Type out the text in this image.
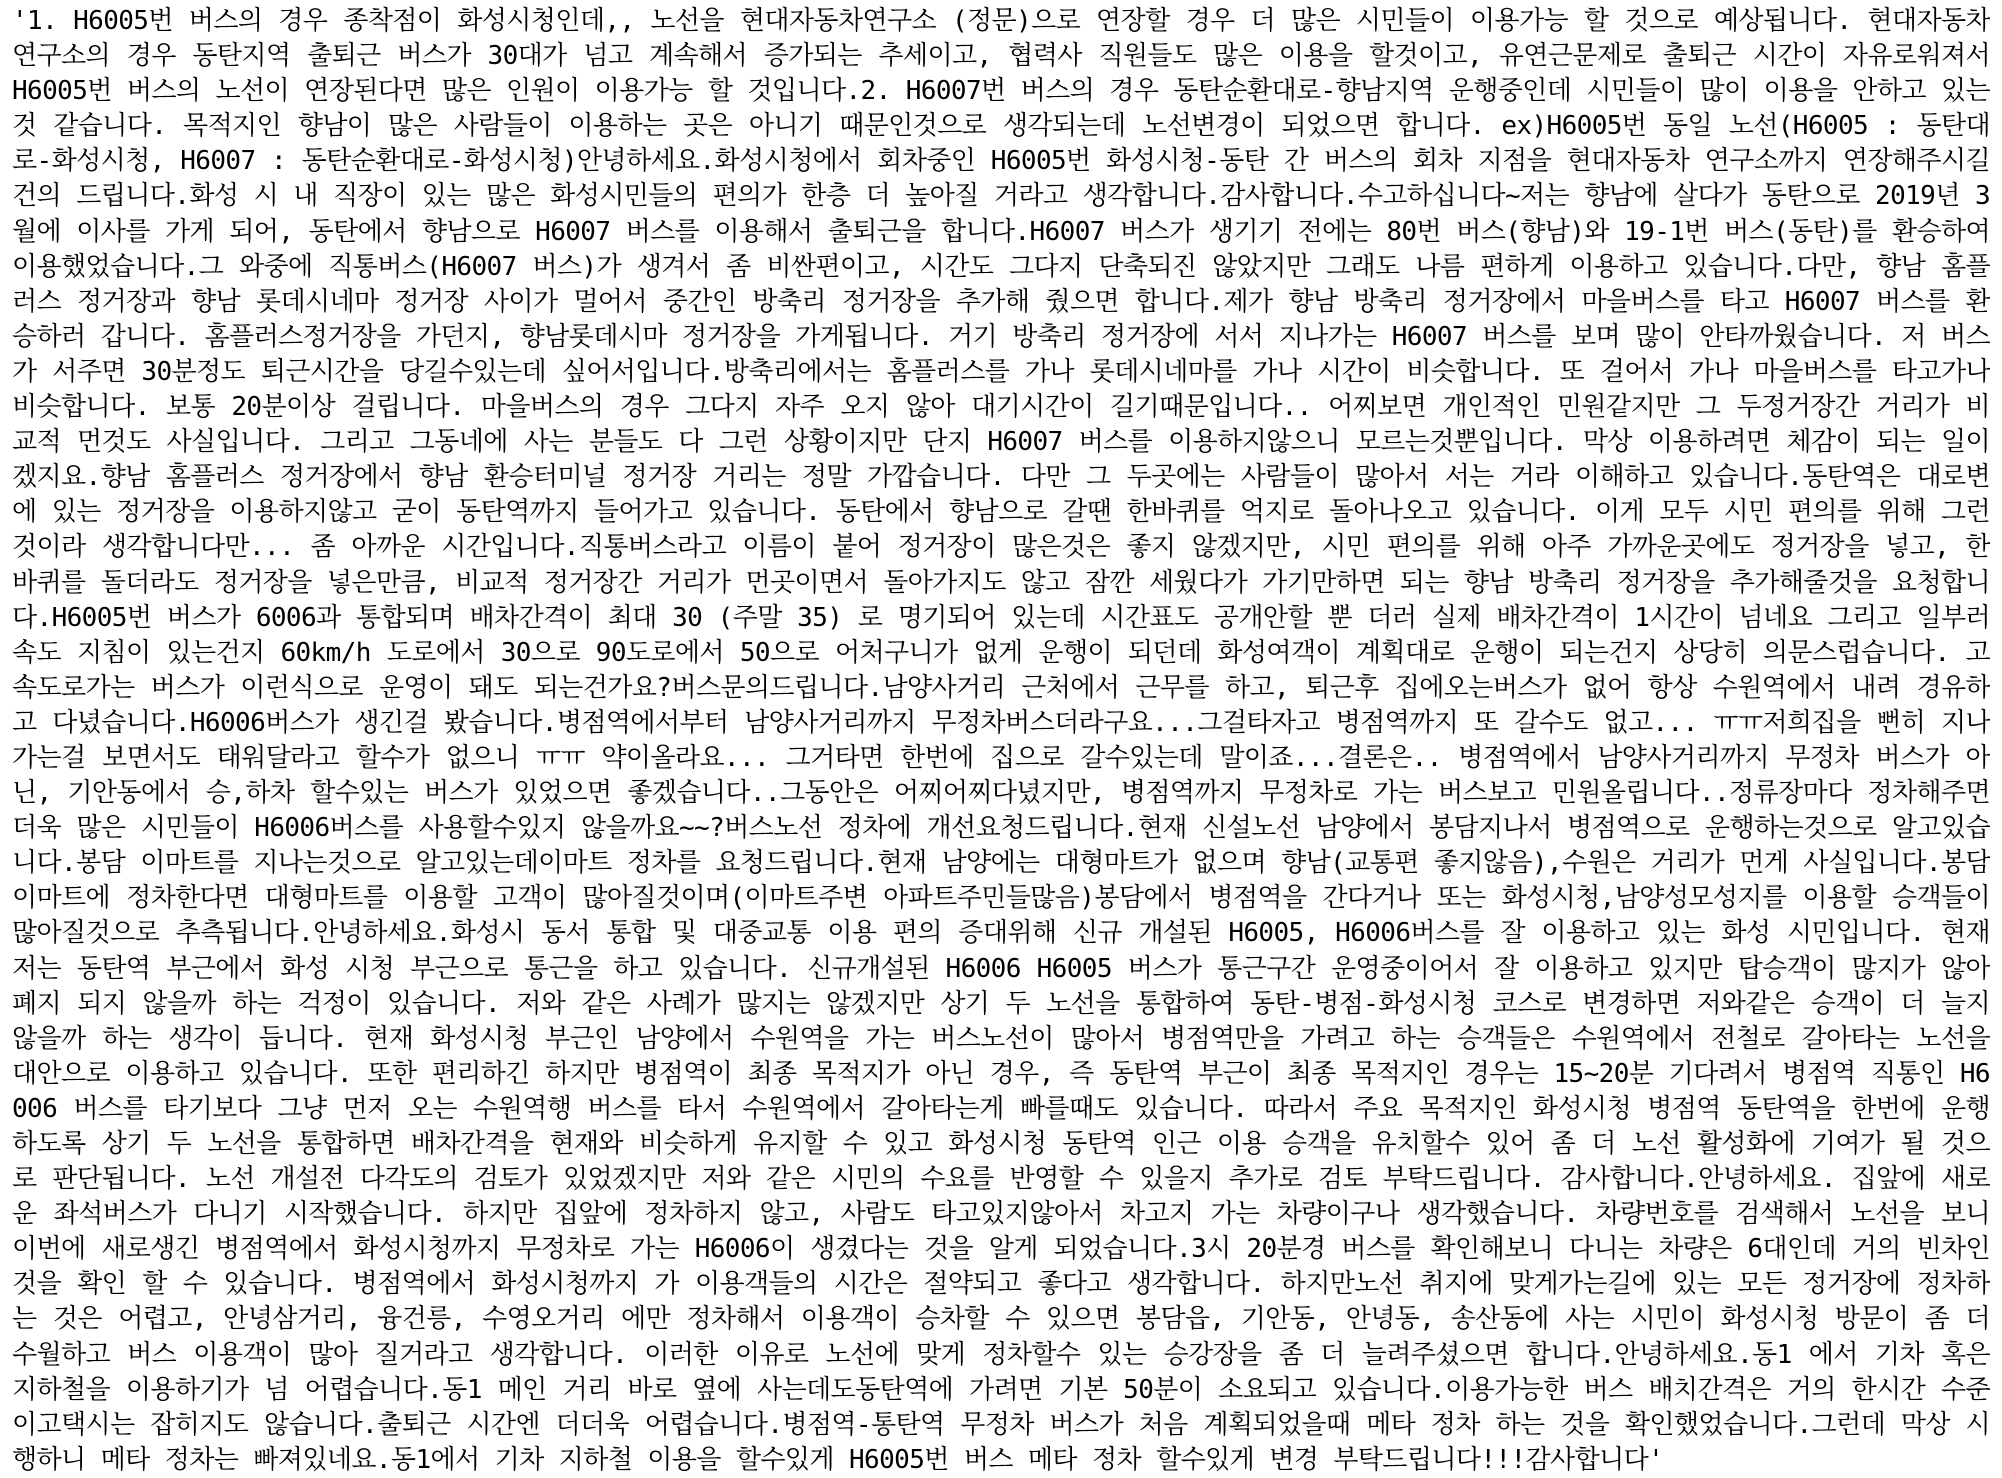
'1. H6005번 버스의 경우 종착점이 화성시청인데,, 노선을 현대자동차연구소 (정문)으로 연장할 경우 더 많은 시민들이 이용가능 할 것으로 예상됩니다. 현대자동차 연구소의 경우 동탄지역 출퇴근 버스가 30대가 넘고 계속해서 증가되는 추세이고, 협력사 직원들도 많은 이용을 할것이고, 유연근문제로 출퇴근 시간이 자유로워져서 H6005번 버스의 노선이 연장된다면 많은 인원이 이용가능 할 것입니다.2. H6007번 버스의 경우 동탄순환대로-향남지역 운행중인데 시민들이 많이 이용을 안하고 있는 것 같습니다. 목적지인 향남이 많은 사람들이 이용하는 곳은 아니기 때문인것으로 생각되는데 노선변경이 되었으면 합니다. ex)H6005번 동일 노선(H6005 : 동탄대로-화성시청, H6007 : 동탄순환대로-화성시청)안녕하세요.화성시청에서 회차중인 H6005번 화성시청-동탄 간 버스의 회차 지점을 현대자동차 연구소까지 연장해주시길 건의 드립니다.화성 시 내 직장이 있는 많은 화성시민들의 편의가 한층 더 높아질 거라고 생각합니다.감사합니다.수고하십니다~저는 향남에 살다가 동탄으로 2019년 3월에 이사를 가게 되어, 동탄에서 향남으로 H6007 버스를 이용해서 출퇴근을 합니다.H6007 버스가 생기기 전에는 80번 버스(향남)와 19-1번 버스(동탄)를 환승하여 이용했었습니다.그 와중에 직통버스(H6007 버스)가 생겨서 좀 비싼편이고, 시간도 그다지 단축되진 않았지만 그래도 나름 편하게 이용하고 있습니다.다만, 향남 홈플러스 정거장과 향남 롯데시네마 정거장 사이가 멀어서 중간인 방축리 정거장을 추가해 줬으면 합니다.제가 향남 방축리 정거장에서 마을버스를 타고 H6007 버스를 환승하러 갑니다. 홈플러스정거장을 가던지, 향남롯데시마 정거장을 가게됩니다. 거기 방축리 정거장에 서서 지나가는 H6007 버스를 보며 많이 안타까웠습니다. 저 버스가 서주면 30분정도 퇴근시간을 당길수있는데 싶어서입니다.방축리에서는 홈플러스를 가나 롯데시네마를 가나 시간이 비슷합니다. 또 걸어서 가나 마을버스를 타고가나 비슷합니다. 보통 20분이상 걸립니다. 마을버스의 경우 그다지 자주 오지 않아 대기시간이 길기때문입니다.. 어찌보면 개인적인 민원같지만 그 두정거장간 거리가 비교적 먼것도 사실입니다. 그리고 그동네에 사는 분들도 다 그런 상황이지만 단지 H6007 버스를 이용하지않으니 모르는것뿐입니다. 막상 이용하려면 체감이 되는 일이겠지요.향남 홈플러스 정거장에서 향남 환승터미널 정거장 거리는 정말 가깝습니다. 다만 그 두곳에는 사람들이 많아서 서는 거라 이해하고 있습니다.동탄역은 대로변에 있는 정거장을 이용하지않고 굳이 동탄역까지 들어가고 있습니다. 동탄에서 향남으로 갈땐 한바퀴를 억지로 돌아나오고 있습니다. 이게 모두 시민 편의를 위해 그런것이라 생각합니다만... 좀 아까운 시간입니다.직통버스라고 이름이 붙어 정거장이 많은것은 좋지 않겠지만, 시민 편의를 위해 아주 가까운곳에도 정거장을 넣고, 한바퀴를 돌더라도 정거장을 넣은만큼, 비교적 정거장간 거리가 먼곳이면서 돌아가지도 않고 잠깐 세웠다가 가기만하면 되는 향남 방축리 정거장을 추가해줄것을 요청합니다.H6005번 버스가 6006과 통합되며 배차간격이 최대 30 (주말 35) 로 명기되어 있는데 시간표도 공개안할 뿐 더러 실제 배차간격이 1시간이 넘네요 그리고 일부러 속도 지침이 있는건지 60km/h 도로에서 30으로 90도로에서 50으로 어처구니가 없게 운행이 되던데 화성여객이 계획대로 운행이 되는건지 상당히 의문스럽습니다. 고속도로가는 버스가 이런식으로 운영이 돼도 되는건가요?버스문의드립니다.남양사거리 근처에서 근무를 하고, 퇴근후 집에오는버스가 없어 항상 수원역에서 내려 경유하고 다녔습니다.H6006버스가 생긴걸 봤습니다.병점역에서부터 남양사거리까지 무정차버스더라구요...그걸타자고 병점역까지 또 갈수도 없고... ㅠㅠ저희집을 뻔히 지나가는걸 보면서도 태워달라고 할수가 없으니 ㅠㅠ 약이올라요... 그거타면 한번에 집으로 갈수있는데 말이죠...결론은.. 병점역에서 남양사거리까지 무정차 버스가 아닌, 기안동에서 승,하차 할수있는 버스가 있었으면 좋겠습니다..그동안은 어찌어찌다녔지만, 병점역까지 무정차로 가는 버스보고 민원올립니다..정류장마다 정차해주면 더욱 많은 시민들이 H6006버스를 사용할수있지 않을까요~~?버스노선 정차에 개선요청드립니다.현재 신설노선 남양에서 봉담지나서 병점역으로 운행하는것으로 알고있습니다.봉담 이마트를 지나는것으로 알고있는데이마트 정차를 요청드립니다.현재 남양에는 대형마트가 없으며 향남(교통편 좋지않음),수원은 거리가 먼게 사실입니다.봉담이마트에 정차한다면 대형마트를 이용할 고객이 많아질것이며(이마트주변 아파트주민들많음)봉담에서 병점역을 간다거나 또는 화성시청,남양성모성지를 이용할 승객들이 많아질것으로 추측됩니다.안녕하세요.화성시 동서 통합 및 대중교통 이용 편의 증대위해 신규 개설된 H6005, H6006버스를 잘 이용하고 있는 화성 시민입니다. 현재 저는 동탄역 부근에서 화성 시청 부근으로 통근을 하고 있습니다. 신규개설된 H6006 H6005 버스가 통근구간 운영중이어서 잘 이용하고 있지만 탑승객이 많지가 않아 폐지 되지 않을까 하는 걱정이 있습니다. 저와 같은 사례가 많지는 않겠지만 상기 두 노선을 통합하여 동탄-병점-화성시청 코스로 변경하면 저와같은 승객이 더 늘지 않을까 하는 생각이 듭니다. 현재 화성시청 부근인 남양에서 수원역을 가는 버스노선이 많아서 병점역만을 가려고 하는 승객들은 수원역에서 전철로 갈아타는 노선을 대안으로 이용하고 있습니다. 또한 편리하긴 하지만 병점역이 최종 목적지가 아닌 경우, 즉 동탄역 부근이 최종 목적지인 경우는 15~20분 기다려서 병점역 직통인 H6006 버스를 타기보다 그냥 먼저 오는 수원역행 버스를 타서 수원역에서 갈아타는게 빠를때도 있습니다. 따라서 주요 목적지인 화성시청 병점역 동탄역을 한번에 운행하도록 상기 두 노선을 통합하면 배차간격을 현재와 비슷하게 유지할 수 있고 화성시청 동탄역 인근 이용 승객을 유치할수 있어 좀 더 노선 활성화에 기여가 될 것으로 판단됩니다. 노선 개설전 다각도의 검토가 있었겠지만 저와 같은 시민의 수요를 반영할 수 있을지 추가로 검토 부탁드립니다. 감사합니다.안녕하세요. 집앞에 새로운 좌석버스가 다니기 시작했습니다. 하지만 집앞에 정차하지 않고, 사람도 타고있지않아서 차고지 가는 차량이구나 생각했습니다. 차량번호를 검색해서 노선을 보니 이번에 새로생긴 병점역에서 화성시청까지 무정차로 가는 H6006이 생겼다는 것을 알게 되었습니다.3시 20분경 버스를 확인해보니 다니는 차량은 6대인데 거의 빈차인것을 확인 할 수 있습니다. 병점역에서 화성시청까지 가 이용객들의 시간은 절약되고 좋다고 생각합니다. 하지만노선 취지에 맞게가는길에 있는 모든 정거장에 정차하는 것은 어렵고, 안녕삼거리, 융건릉, 수영오거리 에만 정차해서 이용객이 승차할 수 있으면 봉담읍, 기안동, 안녕동, 송산동에 사는 시민이 화성시청 방문이 좀 더 수월하고 버스 이용객이 많아 질거라고 생각합니다. 이러한 이유로 노선에 맞게 정차할수 있는 승강장을 좀 더 늘려주셨으면 합니다.안녕하세요.동1 에서 기차 혹은 지하철을 이용하기가 넘 어렵습니다.동1 메인 거리 바로 옆에 사는데도동탄역에 가려면 기본 50분이 소요되고 있습니다.이용가능한 버스 배치간격은 거의 한시간 수준이고택시는 잡히지도 않습니다.출퇴근 시간엔 더더욱 어렵습니다.병점역-통탄역 무정차 버스가 처음 계획되었을때 메타 정차 하는 것을 확인했었습니다.그런데 막상 시행하니 메타 정차는 빠져있네요.동1에서 기차 지하철 이용을 할수있게 H6005번 버스 메타 정차 할수있게 변경 부탁드립니다!!!감사합니다'
